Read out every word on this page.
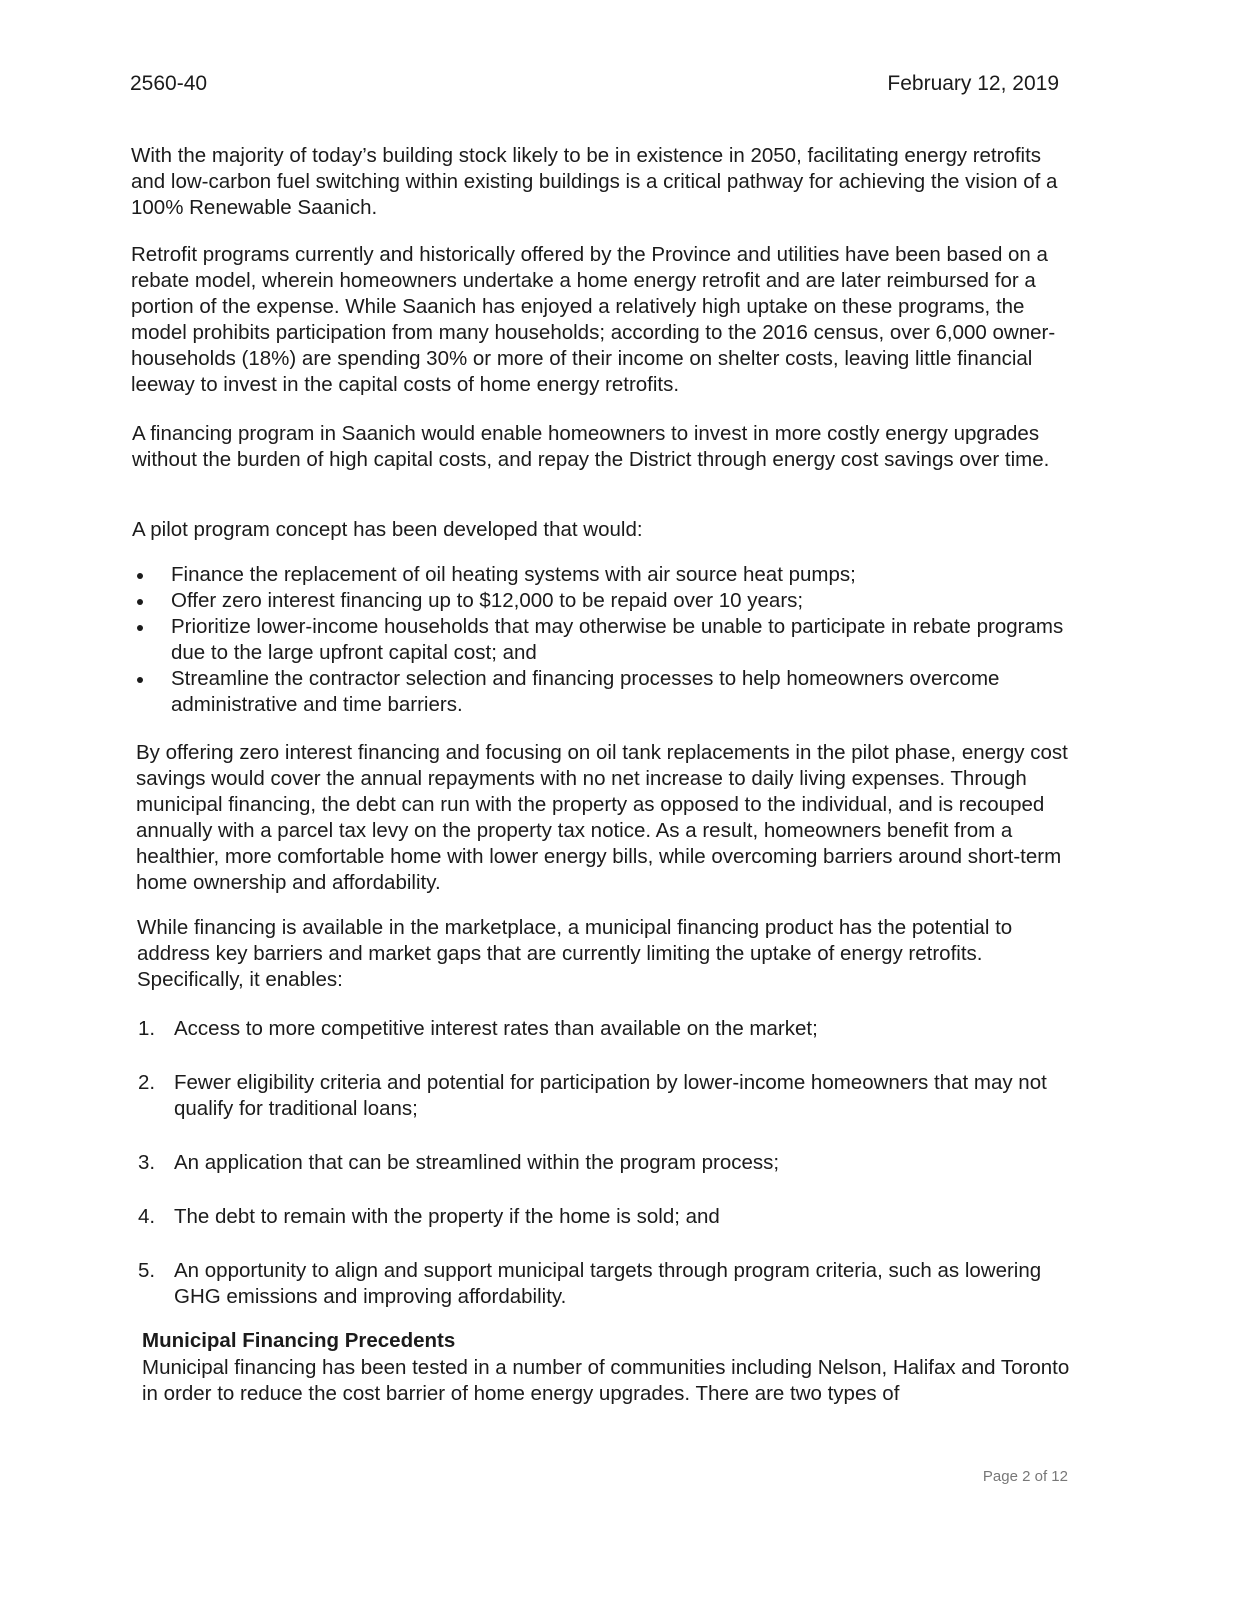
2560-40	February 12, 2019

With the majority of today’s building stock likely to be in existence in 2050, facilitating energy retrofits and low-carbon fuel switching within existing buildings is a critical pathway for achieving the vision of a 100% Renewable Saanich.

Retrofit programs currently and historically offered by the Province and utilities have been based on a rebate model, wherein homeowners undertake a home energy retrofit and are later reimbursed for a portion of the expense. While Saanich has enjoyed a relatively high uptake on these programs, the model prohibits participation from many households; according to the 2016 census, over 6,000 owner-households (18%) are spending 30% or more of their income on shelter costs, leaving little financial leeway to invest in the capital costs of home energy retrofits.

A financing program in Saanich would enable homeowners to invest in more costly energy upgrades without the burden of high capital costs, and repay the District through energy cost savings over time.

A pilot program concept has been developed that would:

Finance the replacement of oil heating systems with air source heat pumps;
Offer zero interest financing up to $12,000 to be repaid over 10 years;
Prioritize lower-income households that may otherwise be unable to participate in rebate programs due to the large upfront capital cost; and
Streamline the contractor selection and financing processes to help homeowners overcome administrative and time barriers.

By offering zero interest financing and focusing on oil tank replacements in the pilot phase, energy cost savings would cover the annual repayments with no net increase to daily living expenses. Through municipal financing, the debt can run with the property as opposed to the individual, and is recouped annually with a parcel tax levy on the property tax notice. As a result, homeowners benefit from a healthier, more comfortable home with lower energy bills, while overcoming barriers around short-term home ownership and affordability.

While financing is available in the marketplace, a municipal financing product has the potential to address key barriers and market gaps that are currently limiting the uptake of energy retrofits. Specifically, it enables:

1. Access to more competitive interest rates than available on the market;
2. Fewer eligibility criteria and potential for participation by lower-income homeowners that may not qualify for traditional loans;
3. An application that can be streamlined within the program process;
4. The debt to remain with the property if the home is sold; and
5. An opportunity to align and support municipal targets through program criteria, such as lowering GHG emissions and improving affordability.
Municipal Financing Precedents

Municipal financing has been tested in a number of communities including Nelson, Halifax and Toronto in order to reduce the cost barrier of home energy upgrades. There are two types of

Page 2 of 12
